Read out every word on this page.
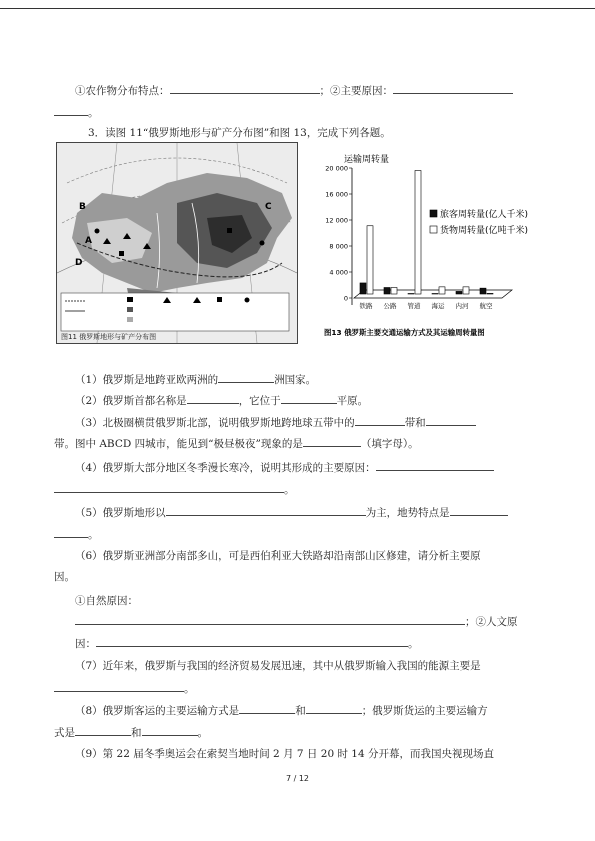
①农作物分布特点：	；②主要原因：
。
3．读图 11“俄罗斯地形与矿产分布图”和图 13，完成下列各题。
B
D
A
C
图11 俄罗斯地形与矿产分布图
运输周转量
0
4 000
8 000
12 000
16 000
20 000
铁路 公路 管道 海运 内河 航空
旅客周转量(亿人千米)
货物周转量(亿吨千米)
图13 俄罗斯主要交通运输方式及其运输周转量图
（1）俄罗斯是地跨亚欧两洲的	洲国家。
（2）俄罗斯首都名称是	，它位于	平原。
（3）北极圈横贯俄罗斯北部，说明俄罗斯地跨地球五带中的	带和
带。图中 ABCD 四城市，能见到“极昼极夜”现象的是	（填字母）。
（4）俄罗斯大部分地区冬季漫长寒冷，说明其形成的主要原因：
。
（5）俄罗斯地形以	为主，地势特点是
。
（6）俄罗斯亚洲部分南部多山，可是西伯利亚大铁路却沿南部山区修建，请分析主要原
因。
①自然原因：
；②人文原
因：	。
（7）近年来，俄罗斯与我国的经济贸易发展迅速，其中从俄罗斯输入我国的能源主要是
。
（8）俄罗斯客运的主要运输方式是	和	；俄罗斯货运的主要运输方
式是	和	。
（9）第 22 届冬季奥运会在索契当地时间 2 月 7 日 20 时 14 分开幕，而我国央视现场直
7 / 12
